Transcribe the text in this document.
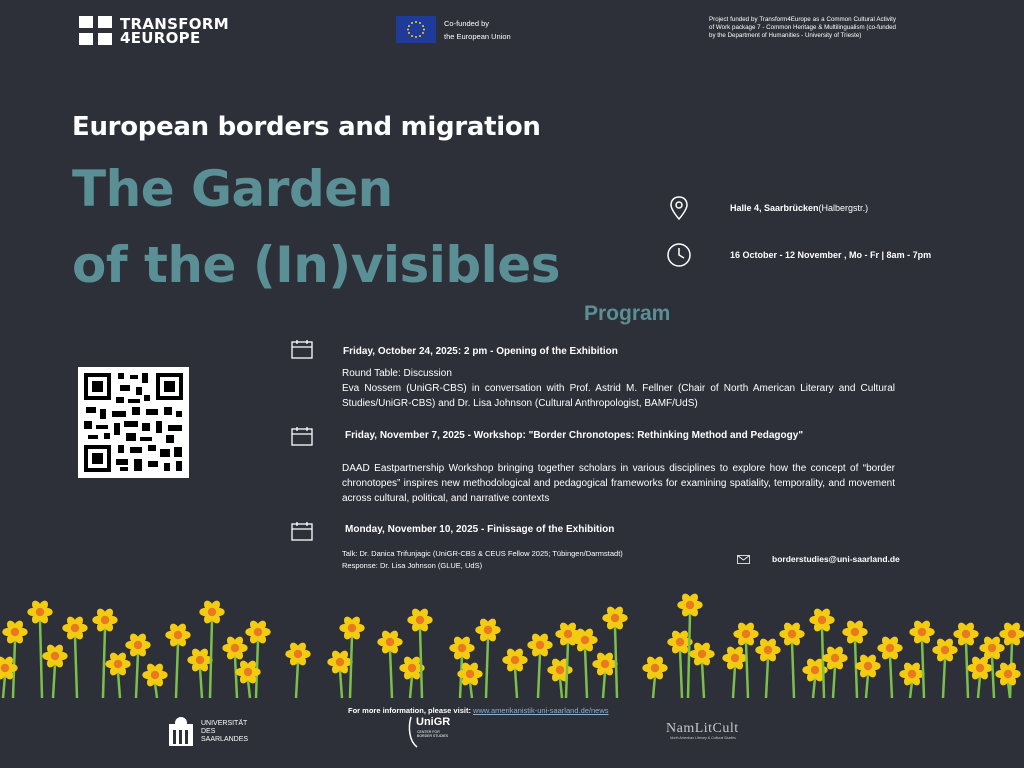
TRANSFORM
4EUROPE
Co-funded by
the European Union
Project funded by Transform4Europe as a Common Cultural Activity of Work package 7 - Common Heritage & Multilingualism (co-funded by the Department of Humanities - University of Trieste)
European borders and migration
The Garden
of the (In)visibles
Halle 4, Saarbrücken (Halbergstr.)
16 October - 12 November , Mo - Fr | 8am - 7pm
Program
Friday, October 24, 2025: 2 pm - Opening of the Exhibition
Round Table: Discussion
Eva Nossem (UniGR-CBS) in conversation with Prof. Astrid M. Fellner (Chair of North American Literary and Cultural Studies/UniGR-CBS) and Dr. Lisa Johnson (Cultural Anthropologist, BAMF/UdS)
Friday, November 7, 2025 - Workshop: "Border Chronotopes: Rethinking Method and Pedagogy"
DAAD Eastpartnership Workshop bringing together scholars in various disciplines to explore how the concept of “border chronotopes” inspires new methodological and pedagogical frameworks for examining spatiality, temporality, and movement across cultural, political, and narrative contexts
Monday, November 10, 2025 - Finissage of the Exhibition
Talk: Dr. Danica Trifunjagic (UniGR-CBS & CEUS Fellow 2025; Tübingen/Darmstadt)
Response: Dr. Lisa Johnson (GLUE, UdS)
borderstudies@uni-saarland.de
For more information, please visit: www.amerikanistik-uni-saarland.de/news
UNIVERSITÄT
DES
SAARLANDES
UniGR
CENTER FOR BORDER STUDIES	NamLitCult
North American Literary & Cultural Studies
